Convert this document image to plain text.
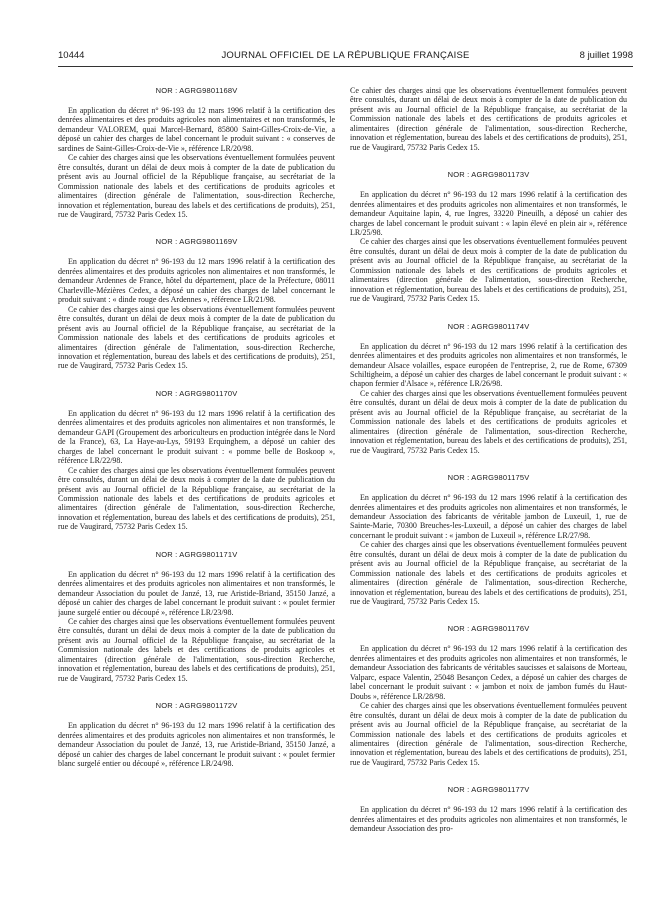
10444	JOURNAL OFFICIEL DE LA RÉPUBLIQUE FRANÇAISE	8 juillet 1998
NOR : AGRG9801168V

En application du décret n° 96-193 du 12 mars 1996 relatif à la certification des denrées alimentaires et des produits agricoles non alimentaires et non transformés, le demandeur VALOREM, quai Marcel-Bernard, 85800 Saint-Gilles-Croix-de-Vie, a déposé un cahier des charges de label concernant le produit suivant : « conserves de sardines de Saint-Gilles-Croix-de-Vie », référence LR/20/98.

Ce cahier des charges ainsi que les observations éventuellement formulées peuvent être consultés, durant un délai de deux mois à compter de la date de publication du présent avis au Journal officiel de la République française, au secrétariat de la Commission nationale des labels et des certifications de produits agricoles et alimentaires (direction générale de l'alimentation, sous-direction Recherche, innovation et réglementation, bureau des labels et des certifications de produits), 251, rue de Vaugirard, 75732 Paris Cedex 15.

NOR : AGRG9801169V

En application du décret n° 96-193 du 12 mars 1996 relatif à la certification des denrées alimentaires et des produits agricoles non alimentaires et non transformés, le demandeur Ardennes de France, hôtel du département, place de la Préfecture, 08011 Charleville-Mézières Cedex, a déposé un cahier des charges de label concernant le produit suivant : « dinde rouge des Ardennes », référence LR/21/98.

Ce cahier des charges ainsi que les observations éventuellement formulées peuvent être consultés, durant un délai de deux mois à compter de la date de publication du présent avis au Journal officiel de la République française, au secrétariat de la Commission nationale des labels et des certifications de produits agricoles et alimentaires (direction générale de l'alimentation, sous-direction Recherche, innovation et réglementation, bureau des labels et des certifications de produits), 251, rue de Vaugirard, 75732 Paris Cedex 15.

NOR : AGRG9801170V

En application du décret n° 96-193 du 12 mars 1996 relatif à la certification des denrées alimentaires et des produits agricoles non alimentaires et non transformés, le demandeur GAPI (Groupement des arboriculteurs en production intégrée dans le Nord de la France), 63, La Haye-au-Lys, 59193 Erquinghem, a déposé un cahier des charges de label concernant le produit suivant : « pomme belle de Boskoop », référence LR/22/98.

Ce cahier des charges ainsi que les observations éventuellement formulées peuvent être consultés, durant un délai de deux mois à compter de la date de publication du présent avis au Journal officiel de la République française, au secrétariat de la Commission nationale des labels et des certifications de produits agricoles et alimentaires (direction générale de l'alimentation, sous-direction Recherche, innovation et réglementation, bureau des labels et des certifications de produits), 251, rue de Vaugirard, 75732 Paris Cedex 15.

NOR : AGRG9801171V

En application du décret n° 96-193 du 12 mars 1996 relatif à la certification des denrées alimentaires et des produits agricoles non alimentaires et non transformés, le demandeur Association du poulet de Janzé, 13, rue Aristide-Briand, 35150 Janzé, a déposé un cahier des charges de label concernant le produit suivant : « poulet fermier jaune surgelé entier ou découpé », référence LR/23/98.

Ce cahier des charges ainsi que les observations éventuellement formulées peuvent être consultés, durant un délai de deux mois à compter de la date de publication du présent avis au Journal officiel de la République française, au secrétariat de la Commission nationale des labels et des certifications de produits agricoles et alimentaires (direction générale de l'alimentation, sous-direction Recherche, innovation et réglementation, bureau des labels et des certifications de produits), 251, rue de Vaugirard, 75732 Paris Cedex 15.

NOR : AGRG9801172V

En application du décret n° 96-193 du 12 mars 1996 relatif à la certification des denrées alimentaires et des produits agricoles non alimentaires et non transformés, le demandeur Association du poulet de Janzé, 13, rue Aristide-Briand, 35150 Janzé, a déposé un cahier des charges de label concernant le produit suivant : « poulet fermier blanc surgelé entier ou découpé », référence LR/24/98.

Ce cahier des charges ainsi que les observations éventuellement formulées peuvent être consultés, durant un délai de deux mois à compter de la date de publication du présent avis au Journal officiel de la République française, au secrétariat de la Commission nationale des labels et des certifications de produits agricoles et alimentaires (direction générale de l'alimentation, sous-direction Recherche, innovation et réglementation, bureau des labels et des certifications de produits), 251, rue de Vaugirard, 75732 Paris Cedex 15.

NOR : AGRG9801173V

En application du décret n° 96-193 du 12 mars 1996 relatif à la certification des denrées alimentaires et des produits agricoles non alimentaires et non transformés, le demandeur Aquitaine lapin, 4, rue Ingres, 33220 Pineuilh, a déposé un cahier des charges de label concernant le produit suivant : « lapin élevé en plein air », référence LR/25/98.

Ce cahier des charges ainsi que les observations éventuellement formulées peuvent être consultés, durant un délai de deux mois à compter de la date de publication du présent avis au Journal officiel de la République française, au secrétariat de la Commission nationale des labels et des certifications de produits agricoles et alimentaires (direction générale de l'alimentation, sous-direction Recherche, innovation et réglementation, bureau des labels et des certifications de produits), 251, rue de Vaugirard, 75732 Paris Cedex 15.

NOR : AGRG9801174V

En application du décret n° 96-193 du 12 mars 1996 relatif à la certification des denrées alimentaires et des produits agricoles non alimentaires et non transformés, le demandeur Alsace volailles, espace européen de l'entreprise, 2, rue de Rome, 67309 Schiltigheim, a déposé un cahier des charges de label concernant le produit suivant : « chapon fermier d'Alsace », référence LR/26/98.

Ce cahier des charges ainsi que les observations éventuellement formulées peuvent être consultés, durant un délai de deux mois à compter de la date de publication du présent avis au Journal officiel de la République française, au secrétariat de la Commission nationale des labels et des certifications de produits agricoles et alimentaires (direction générale de l'alimentation, sous-direction Recherche, innovation et réglementation, bureau des labels et des certifications de produits), 251, rue de Vaugirard, 75732 Paris Cedex 15.

NOR : AGRG9801175V

En application du décret n° 96-193 du 12 mars 1996 relatif à la certification des denrées alimentaires et des produits agricoles non alimentaires et non transformés, le demandeur Association des fabricants de véritable jambon de Luxeuil, 1, rue de Sainte-Marie, 70300 Breuches-les-Luxeuil, a déposé un cahier des charges de label concernant le produit suivant : « jambon de Luxeuil », référence LR/27/98.

Ce cahier des charges ainsi que les observations éventuellement formulées peuvent être consultés, durant un délai de deux mois à compter de la date de publication du présent avis au Journal officiel de la République française, au secrétariat de la Commission nationale des labels et des certifications de produits agricoles et alimentaires (direction générale de l'alimentation, sous-direction Recherche, innovation et réglementation, bureau des labels et des certifications de produits), 251, rue de Vaugirard, 75732 Paris Cedex 15.

NOR : AGRG9801176V

En application du décret n° 96-193 du 12 mars 1996 relatif à la certification des denrées alimentaires et des produits agricoles non alimentaires et non transformés, le demandeur Association des fabricants de véritables saucisses et salaisons de Morteau, Valparc, espace Valentin, 25048 Besançon Cedex, a déposé un cahier des charges de label concernant le produit suivant : « jambon et noix de jambon fumés du Haut-Doubs », référence LR/28/98.

Ce cahier des charges ainsi que les observations éventuellement formulées peuvent être consultés, durant un délai de deux mois à compter de la date de publication du présent avis au Journal officiel de la République française, au secrétariat de la Commission nationale des labels et des certifications de produits agricoles et alimentaires (direction générale de l'alimentation, sous-direction Recherche, innovation et réglementation, bureau des labels et des certifications de produits), 251, rue de Vaugirard, 75732 Paris Cedex 15.

NOR : AGRG9801177V

En application du décret n° 96-193 du 12 mars 1996 relatif à la certification des denrées alimentaires et des produits agricoles non alimentaires et non transformés, le demandeur Association des pro-
